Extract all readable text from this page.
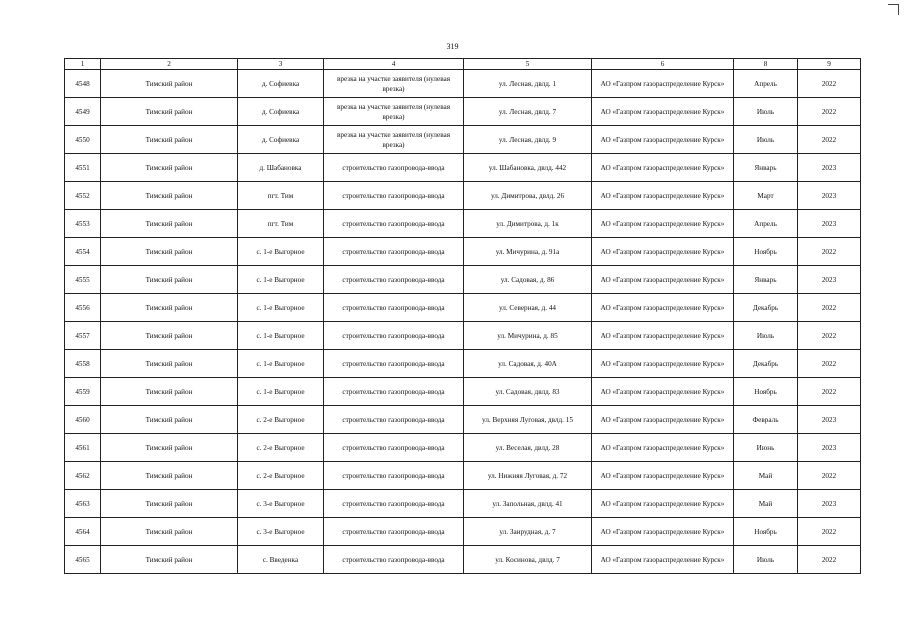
319
1	2	3	4	5	6	8	9
4548	Тимский район	д. Софиевка	врезка на участке заявителя (нулевая врезка)	ул. Лесная, двлд. 1	АО «Газпром газораспределение Курск»	Апрель	2022
4549	Тимский район	д. Софиевка	врезка на участке заявителя (нулевая врезка)	ул. Лесная, двлд. 7	АО «Газпром газораспределение Курск»	Июль	2022
4550	Тимский район	д. Софиевка	врезка на участке заявителя (нулевая врезка)	ул. Лесная, двлд. 9	АО «Газпром газораспределение Курск»	Июль	2022
4551	Тимский район	д. Шабановка	строительство газопровода-ввода	ул. Шабановка, двлд. 442	АО «Газпром газораспределение Курск»	Январь	2023
4552	Тимский район	пгт. Тим	строительство газопровода-ввода	ул. Димитрова, двлд. 26	АО «Газпром газораспределение Курск»	Март	2023
4553	Тимский район	пгт. Тим	строительство газопровода-ввода	ул. Димитрова, д. 1к	АО «Газпром газораспределение Курск»	Апрель	2023
4554	Тимский район	с. 1-е Выгорное	строительство газопровода-ввода	ул. Мичурина, д. 91а	АО «Газпром газораспределение Курск»	Ноябрь	2022
4555	Тимский район	с. 1-е Выгорное	строительство газопровода-ввода	ул. Садовая, д. 86	АО «Газпром газораспределение Курск»	Январь	2023
4556	Тимский район	с. 1-е Выгорное	строительство газопровода-ввода	ул. Северная, д. 44	АО «Газпром газораспределение Курск»	Декабрь	2022
4557	Тимский район	с. 1-е Выгорное	строительство газопровода-ввода	ул. Мичурина, д. 85	АО «Газпром газораспределение Курск»	Июль	2022
4558	Тимский район	с. 1-е Выгорное	строительство газопровода-ввода	ул. Садовая, д. 40А	АО «Газпром газораспределение Курск»	Декабрь	2022
4559	Тимский район	с. 1-е Выгорное	строительство газопровода-ввода	ул. Садовая, двлд. 83	АО «Газпром газораспределение Курск»	Ноябрь	2022
4560	Тимский район	с. 2-е Выгорное	строительство газопровода-ввода	ул. Верхняя Луговая, двлд. 15	АО «Газпром газораспределение Курск»	Февраль	2023
4561	Тимский район	с. 2-е Выгорное	строительство газопровода-ввода	ул. Веселая, двлд. 28	АО «Газпром газораспределение Курск»	Июнь	2023
4562	Тимский район	с. 2-е Выгорное	строительство газопровода-ввода	ул. Нижняя Луговая, д. 72	АО «Газпром газораспределение Курск»	Май	2022
4563	Тимский район	с. 3-е Выгорное	строительство газопровода-ввода	ул. Запольная, двлд. 41	АО «Газпром газораспределение Курск»	Май	2023
4564	Тимский район	с. 3-е Выгорное	строительство газопровода-ввода	ул. Заирудная, д. 7	АО «Газпром газораспределение Курск»	Ноябрь	2022
4565	Тимский район	с. Введенка	строительство газопровода-ввода	ул. Косинова, двлд. 7	АО «Газпром газораспределение Курск»	Июль	2022
